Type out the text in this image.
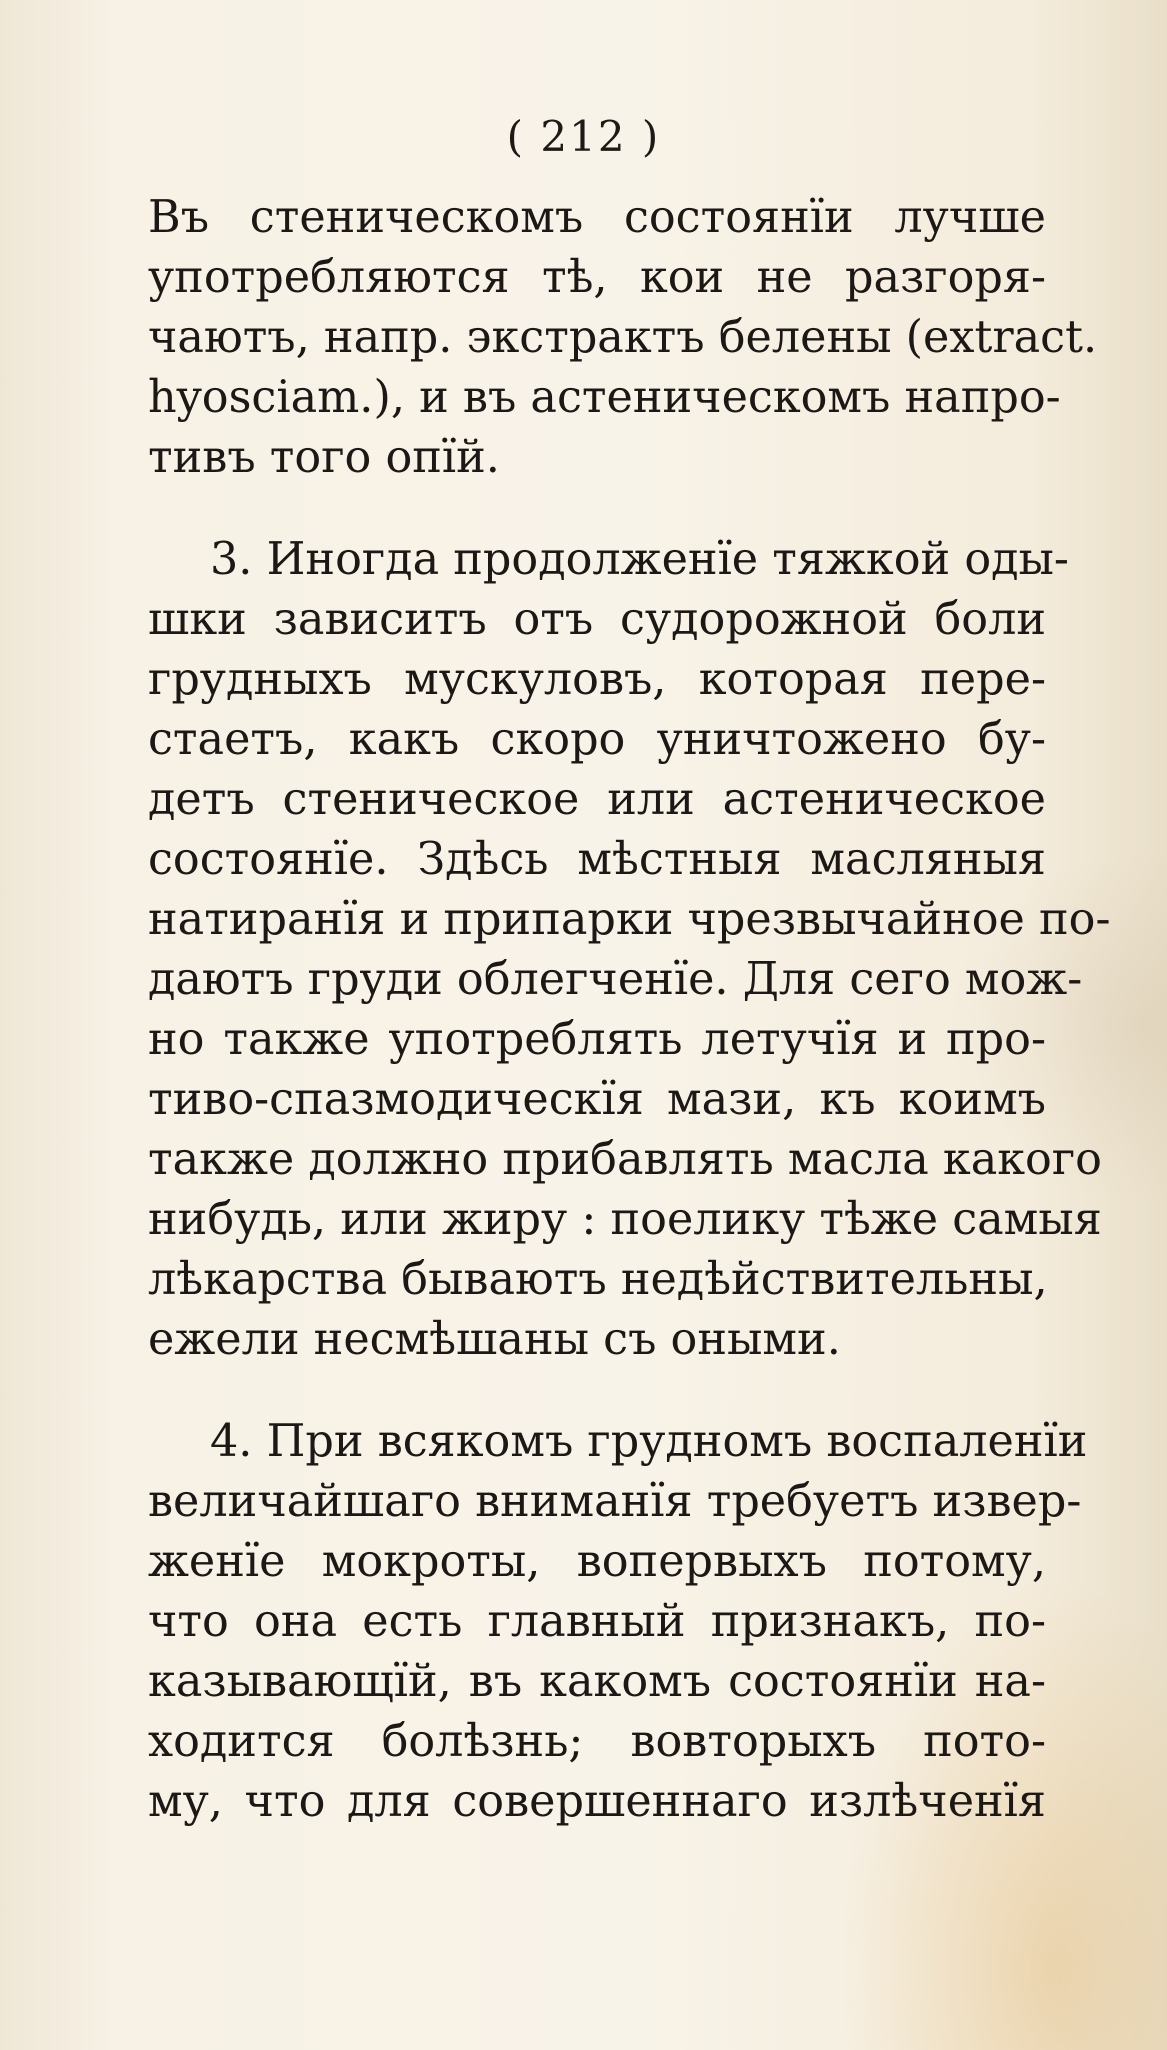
( 212 )

Въ стеническомъ состоянïи лучше
употребляются тѣ, кои не разгоря-
чаютъ, напр. экстрактъ белены (extract.
hyosciam.), и въ астеническомъ напро-
тивъ того опïй.

3. Иногда продолженïе тяжкой оды-
шки зависитъ отъ судорожной боли
грудныхъ мускуловъ, которая пере-
стаетъ, какъ скоро уничтожено бу-
детъ стеническое или астеническое
состоянïе. Здѣсь мѣстныя масляныя
натиранïя и припарки чрезвычайное по-
даютъ груди облегченïе. Для сего мож-
но также употреблять летучïя и про-
тиво-спазмодическïя мази, къ коимъ
также должно прибавлять масла какого
нибудь, или жиру : поелику тѣже самыя
лѣкарства бываютъ недѣйствительны,
ежели несмѣшаны съ оными.

4. При всякомъ грудномъ воспаленïи
величайшаго вниманïя требуетъ извер-
женïе мокроты, вопервыхъ потому,
что она есть главный признакъ, по-
казывающïй, въ какомъ состоянïи на-
ходится болѣзнь; вовторыхъ пото-
му, что для совершеннаго излѣченïя
